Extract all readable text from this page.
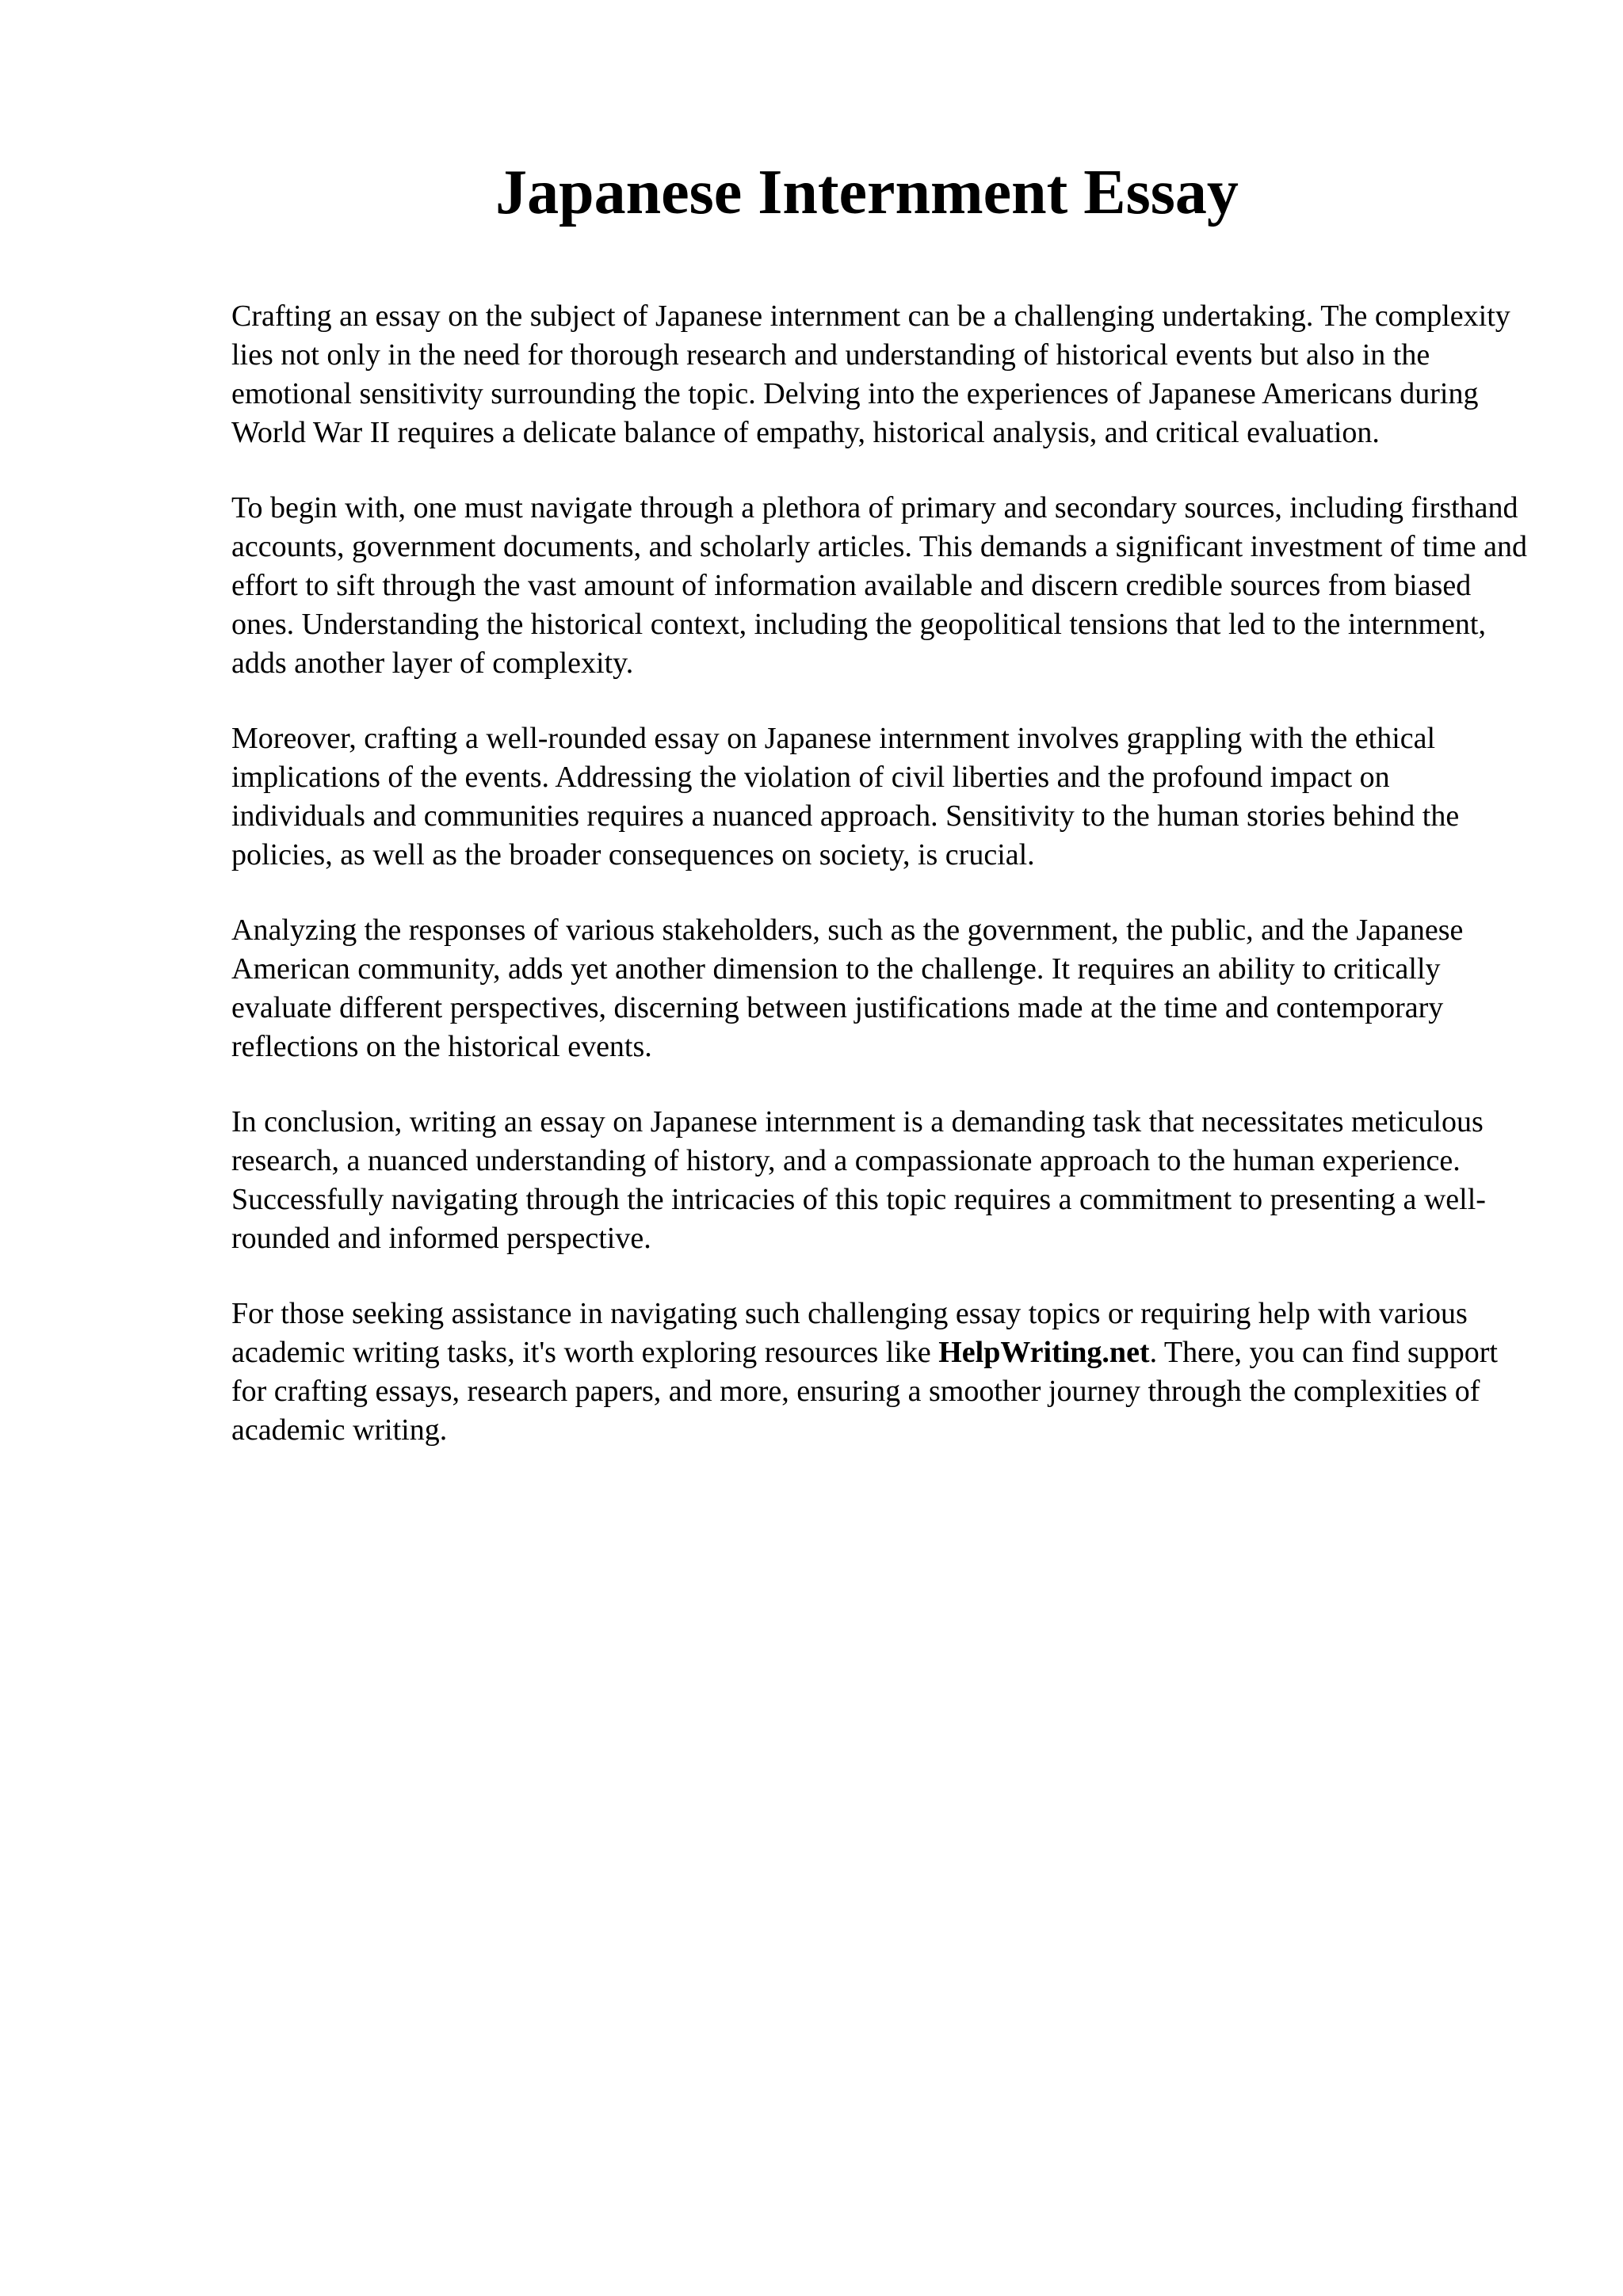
Japanese Internment Essay

Crafting an essay on the subject of Japanese internment can be a challenging undertaking. The complexity lies not only in the need for thorough research and understanding of historical events but also in the emotional sensitivity surrounding the topic. Delving into the experiences of Japanese Americans during World War II requires a delicate balance of empathy, historical analysis, and critical evaluation.

To begin with, one must navigate through a plethora of primary and secondary sources, including firsthand accounts, government documents, and scholarly articles. This demands a significant investment of time and effort to sift through the vast amount of information available and discern credible sources from biased ones. Understanding the historical context, including the geopolitical tensions that led to the internment, adds another layer of complexity.

Moreover, crafting a well-rounded essay on Japanese internment involves grappling with the ethical implications of the events. Addressing the violation of civil liberties and the profound impact on individuals and communities requires a nuanced approach. Sensitivity to the human stories behind the policies, as well as the broader consequences on society, is crucial.

Analyzing the responses of various stakeholders, such as the government, the public, and the Japanese American community, adds yet another dimension to the challenge. It requires an ability to critically evaluate different perspectives, discerning between justifications made at the time and contemporary reflections on the historical events.

In conclusion, writing an essay on Japanese internment is a demanding task that necessitates meticulous research, a nuanced understanding of history, and a compassionate approach to the human experience. Successfully navigating through the intricacies of this topic requires a commitment to presenting a well-rounded and informed perspective.

For those seeking assistance in navigating such challenging essay topics or requiring help with various academic writing tasks, it's worth exploring resources like HelpWriting.net. There, you can find support for crafting essays, research papers, and more, ensuring a smoother journey through the complexities of academic writing.
